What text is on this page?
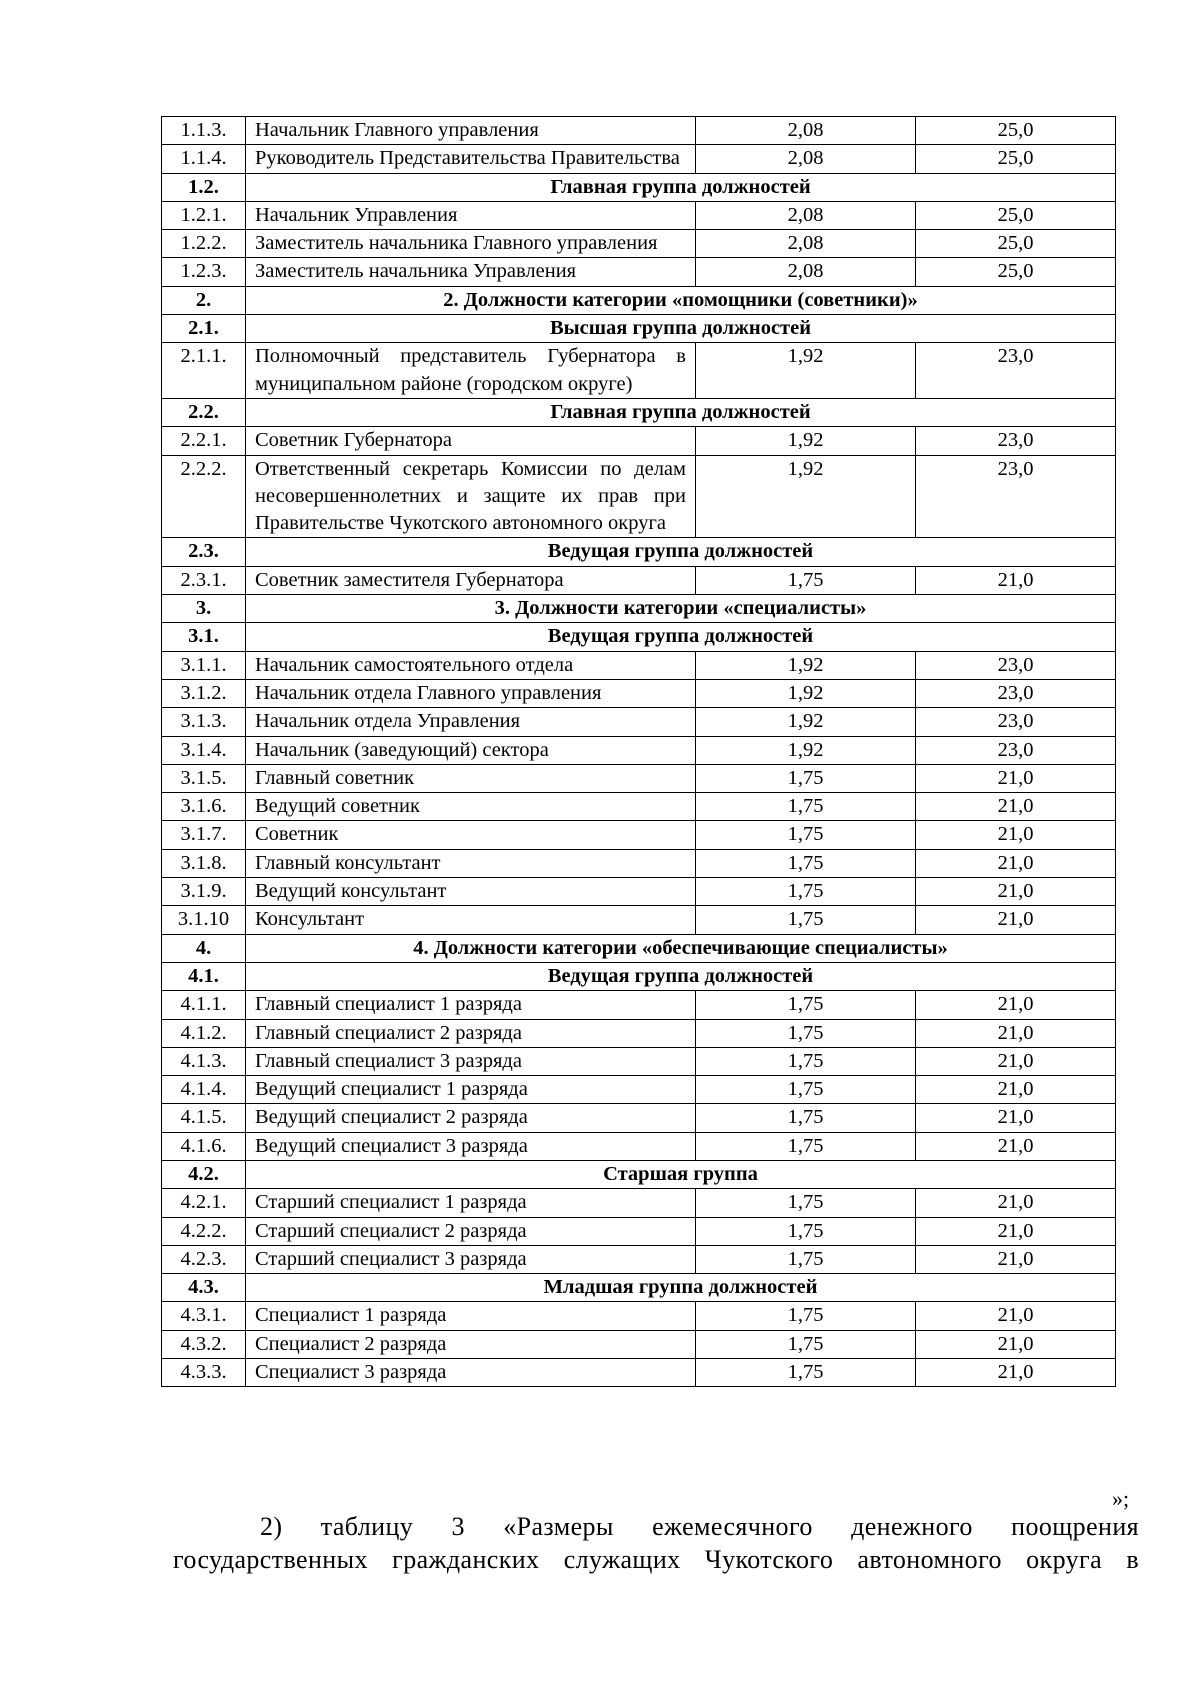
1.1.3.	Начальник Главного управления	2,08	25,0
1.1.4.	Руководитель Представительства Правительства	2,08	25,0
1.2.	Главная группа должностей		
1.2.1.	Начальник Управления	2,08	25,0
1.2.2.	Заместитель начальника Главного управления	2,08	25,0
1.2.3.	Заместитель начальника Управления	2,08	25,0
2.	2. Должности категории «помощники (советники)»		
2.1.	Высшая группа должностей		
2.1.1.	Полномочный представитель Губернатора в муниципальном районе (городском округе)	1,92	23,0
2.2.	Главная группа должностей		
2.2.1.	Советник Губернатора	1,92	23,0
2.2.2.	Ответственный секретарь Комиссии по делам несовершеннолетних и защите их прав при Правительстве Чукотского автономного округа	1,92	23,0
2.3.	Ведущая группа должностей		
2.3.1.	Советник заместителя Губернатора	1,75	21,0
3.	3. Должности категории «специалисты»		
3.1.	Ведущая группа должностей		
3.1.1.	Начальник самостоятельного отдела	1,92	23,0
3.1.2.	Начальник отдела Главного управления	1,92	23,0
3.1.3.	Начальник отдела Управления	1,92	23,0
3.1.4.	Начальник (заведующий) сектора	1,92	23,0
3.1.5.	Главный советник	1,75	21,0
3.1.6.	Ведущий советник	1,75	21,0
3.1.7.	Советник	1,75	21,0
3.1.8.	Главный консультант	1,75	21,0
3.1.9.	Ведущий консультант	1,75	21,0
3.1.10	Консультант	1,75	21,0
4.	4. Должности категории «обеспечивающие специалисты»		
4.1.	Ведущая группа должностей		
4.1.1.	Главный специалист 1 разряда	1,75	21,0
4.1.2.	Главный специалист 2 разряда	1,75	21,0
4.1.3.	Главный специалист 3 разряда	1,75	21,0
4.1.4.	Ведущий специалист 1 разряда	1,75	21,0
4.1.5.	Ведущий специалист 2 разряда	1,75	21,0
4.1.6.	Ведущий специалист 3 разряда	1,75	21,0
4.2.	Старшая группа		
4.2.1.	Старший специалист 1 разряда	1,75	21,0
4.2.2.	Старший специалист 2 разряда	1,75	21,0
4.2.3.	Старший специалист 3 разряда	1,75	21,0
4.3.	Младшая группа должностей		
4.3.1.	Специалист 1 разряда	1,75	21,0
4.3.2.	Специалист 2 разряда	1,75	21,0
4.3.3.	Специалист 3 разряда	1,75	21,0
»;
2) таблицу 3 «Размеры ежемесячного денежного поощрения
государственных гражданских служащих Чукотского автономного округа в
